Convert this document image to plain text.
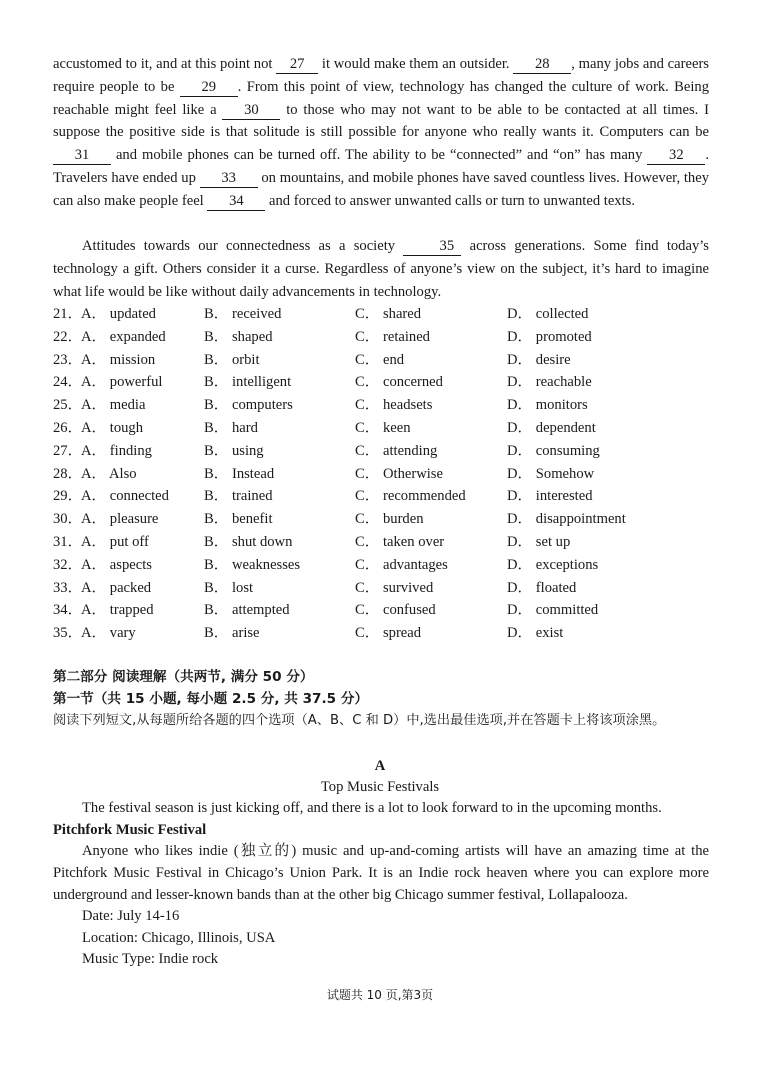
accustomed to it, and at this point not 27 it would make them an outsider. 28 , many jobs and careers require people to be 29 . From this point of view, technology has changed the culture of work. Being reachable might feel like a 30 to those who may not want to be able to be contacted at all times. I suppose the positive side is that solitude is still possible for anyone who really wants it. Computers can be 31 and mobile phones can be turned off. The ability to be “connected” and “on” has many 32 . Travelers have ended up 33 on mountains, and mobile phones have saved countless lives. However, they can also make people feel 34 and forced to answer unwanted calls or turn to unwanted texts.

Attitudes towards our connectedness as a society 35 across generations. Some find today’s technology a gift. Others consider it a curse. Regardless of anyone’s view on the subject, it’s hard to imagine what life would be like without daily advancements in technology.

21．
A． updated	B． received	C． shared	D． collected
22．
A． expanded	B． shaped	C． retained	D． promoted
23．
A． mission	B． orbit	C． end	D． desire
24．
A． powerful	B． intelligent	C． concerned	D． reachable
25．
A． media	B． computers	C． headsets	D． monitors
26．
A． tough	B． hard	C． keen	D． dependent
27．
A． finding	B． using	C． attending	D． consuming
28．
A． Also	B． Instead	C． Otherwise	D． Somehow
29．
A． connected B． trained	C． recommended	D． interested
30．
A． pleasure	B． benefit	C． burden	D． disappointment
31．
A． put off	B． shut down	C． taken over	D． set up
32．
A． aspects	B． weaknesses	C． advantages	D． exceptions
33．
A． packed	B． lost	C． survived	D． floated
34．
A． trapped	B． attempted	C． confused	D． committed
35．
A． vary	B． arise	C． spread	D． exist
第二部分 阅读理解（共两节, 满分 50 分）
第一节（共 15 小题, 每小题 2.5 分, 共 37.5 分）
阅读下列短文,从每题所给各题的四个选项（A、B、C 和 D）中,选出最佳选项,并在答题卡上将该项涂黑。
A
Top Music Festivals
The festival season is just kicking off, and there is a lot to look forward to in the upcoming months.
Pitchfork Music Festival

Anyone who likes indie (独立的) music and up-and-coming artists will have an amazing time at the Pitchfork Music Festival in Chicago’s Union Park. It is an Indie rock heaven where you can explore more underground and lesser-known bands than at the other big Chicago summer festival, Lollapalooza.

Date: July 14-16
Location: Chicago, Illinois, USA
Music Type: Indie rock
试题共 10 页,第3页
